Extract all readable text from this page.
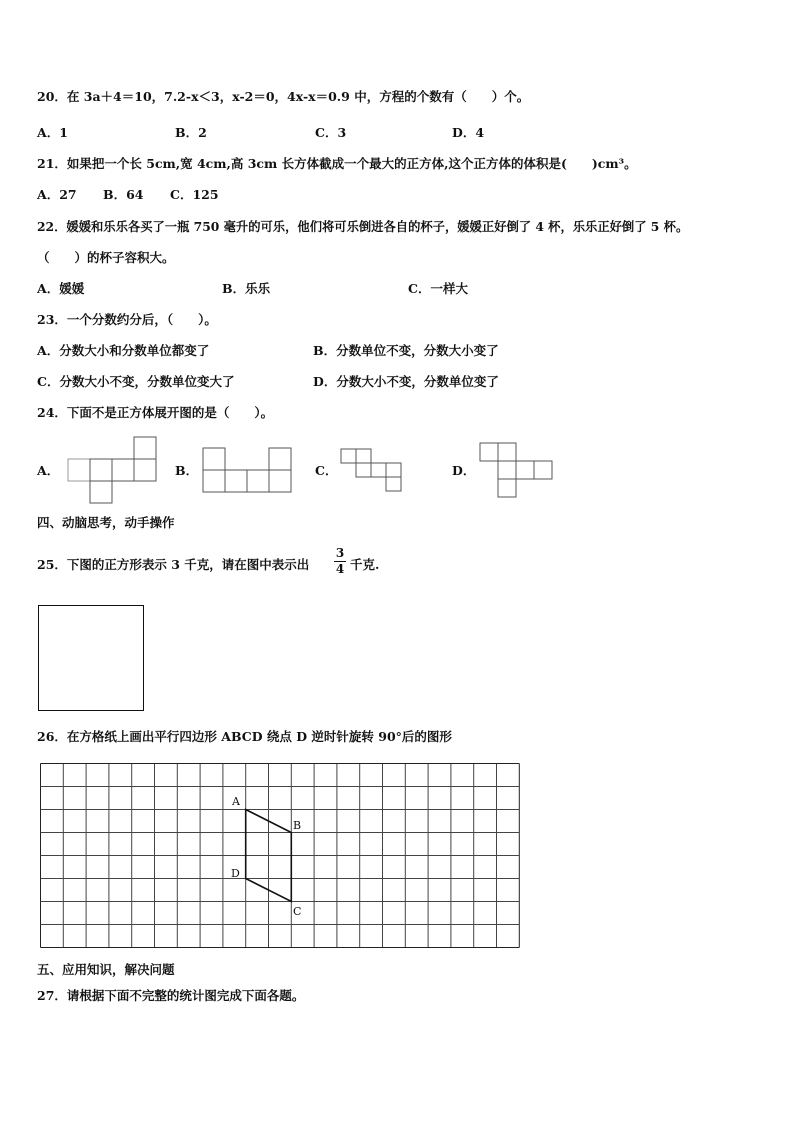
20．在 3a＋4＝10，7.2-x＜3，x-2＝0，4x-x＝0.9 中，方程的个数有（　　）个。
A．1	B．2	C．3	D．4
21．如果把一个长 5cm,宽 4cm,高 3cm 长方体截成一个最大的正方体,这个正方体的体积是(　　)cm³。
A．27 B．64 C．125
22．媛媛和乐乐各买了一瓶 750 毫升的可乐，他们将可乐倒进各自的杯子，媛媛正好倒了 4 杯，乐乐正好倒了 5 杯。
（　　）的杯子容积大。
A．媛媛	B．乐乐	C．一样大
23．一个分数约分后，（　　）。
A．分数大小和分数单位都变了	B．分数单位不变，分数大小变了
C．分数大小不变，分数单位变大了	D．分数大小不变，分数单位变了
24．下面不是正方体展开图的是（　　）。
A．	B．	C．	D．
四、动脑思考，动手操作
25．下图的正方形表示 3 千克，请在图中表示出
3
4 千克.
26．在方格纸上画出平行四边形 ABCD 绕点 D 逆时针旋转 90°后的图形
A
B
C
D
五、应用知识，解决问题
27．请根据下面不完整的统计图完成下面各题。
